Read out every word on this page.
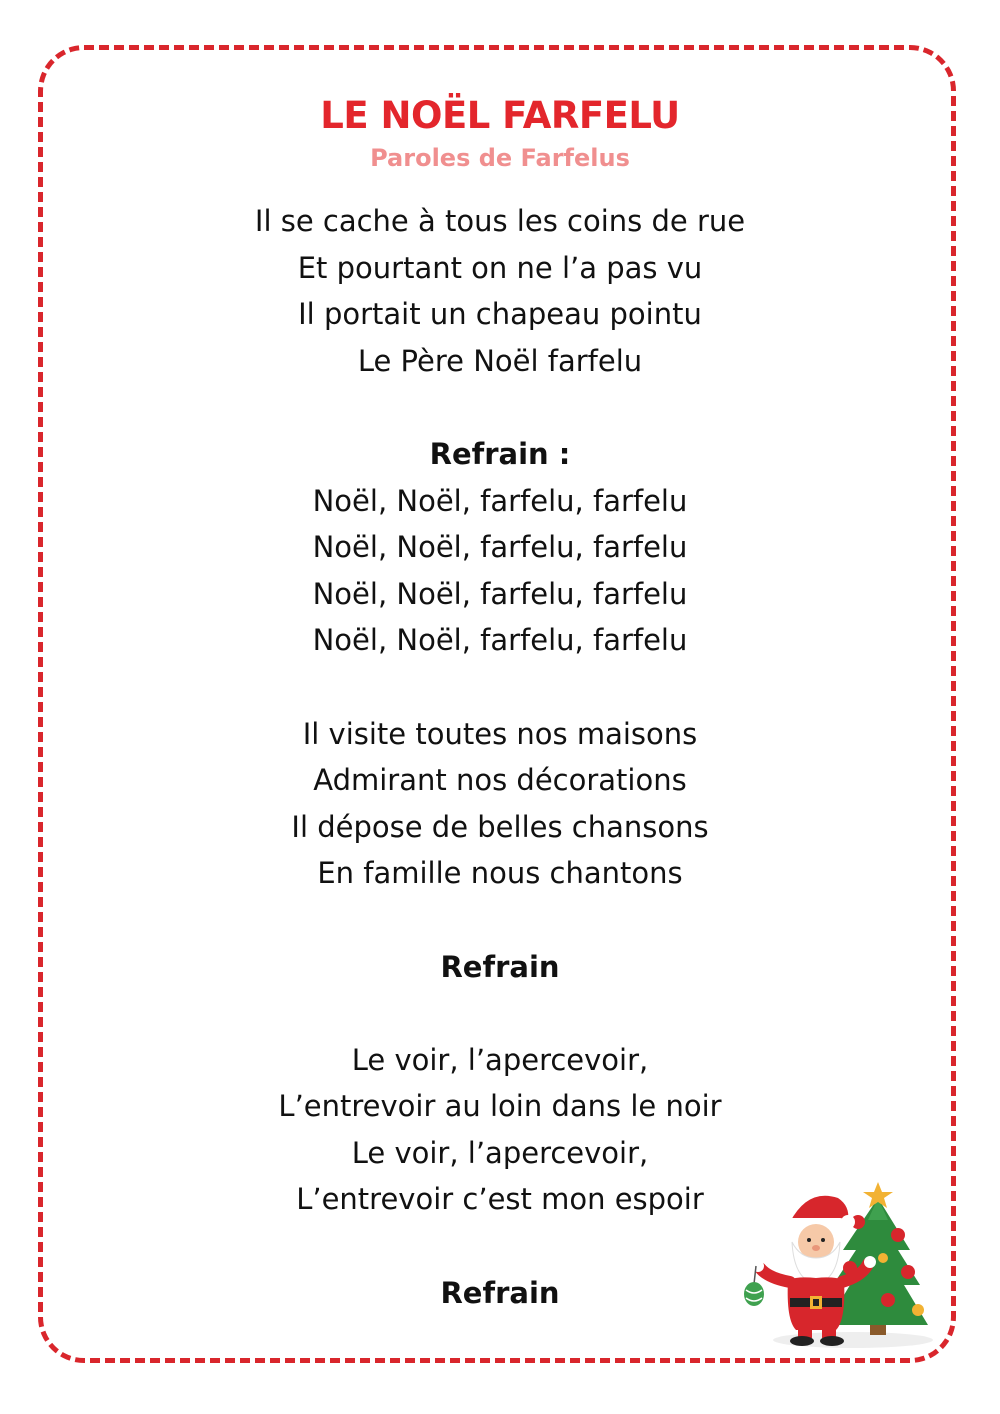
LE NOËL FARFELU
Paroles de Farfelus
Il se cache à tous les coins de rue
Et pourtant on ne l’a pas vu
Il portait un chapeau pointu
Le Père Noël farfelu
Refrain :
Noël, Noël, farfelu, farfelu
Noël, Noël, farfelu, farfelu
Noël, Noël, farfelu, farfelu
Noël, Noël, farfelu, farfelu
Il visite toutes nos maisons
Admirant nos décorations
Il dépose de belles chansons
En famille nous chantons
Refrain
Le voir, l’apercevoir,
L’entrevoir au loin dans le noir
Le voir, l’apercevoir,
L’entrevoir c’est mon espoir
Refrain
